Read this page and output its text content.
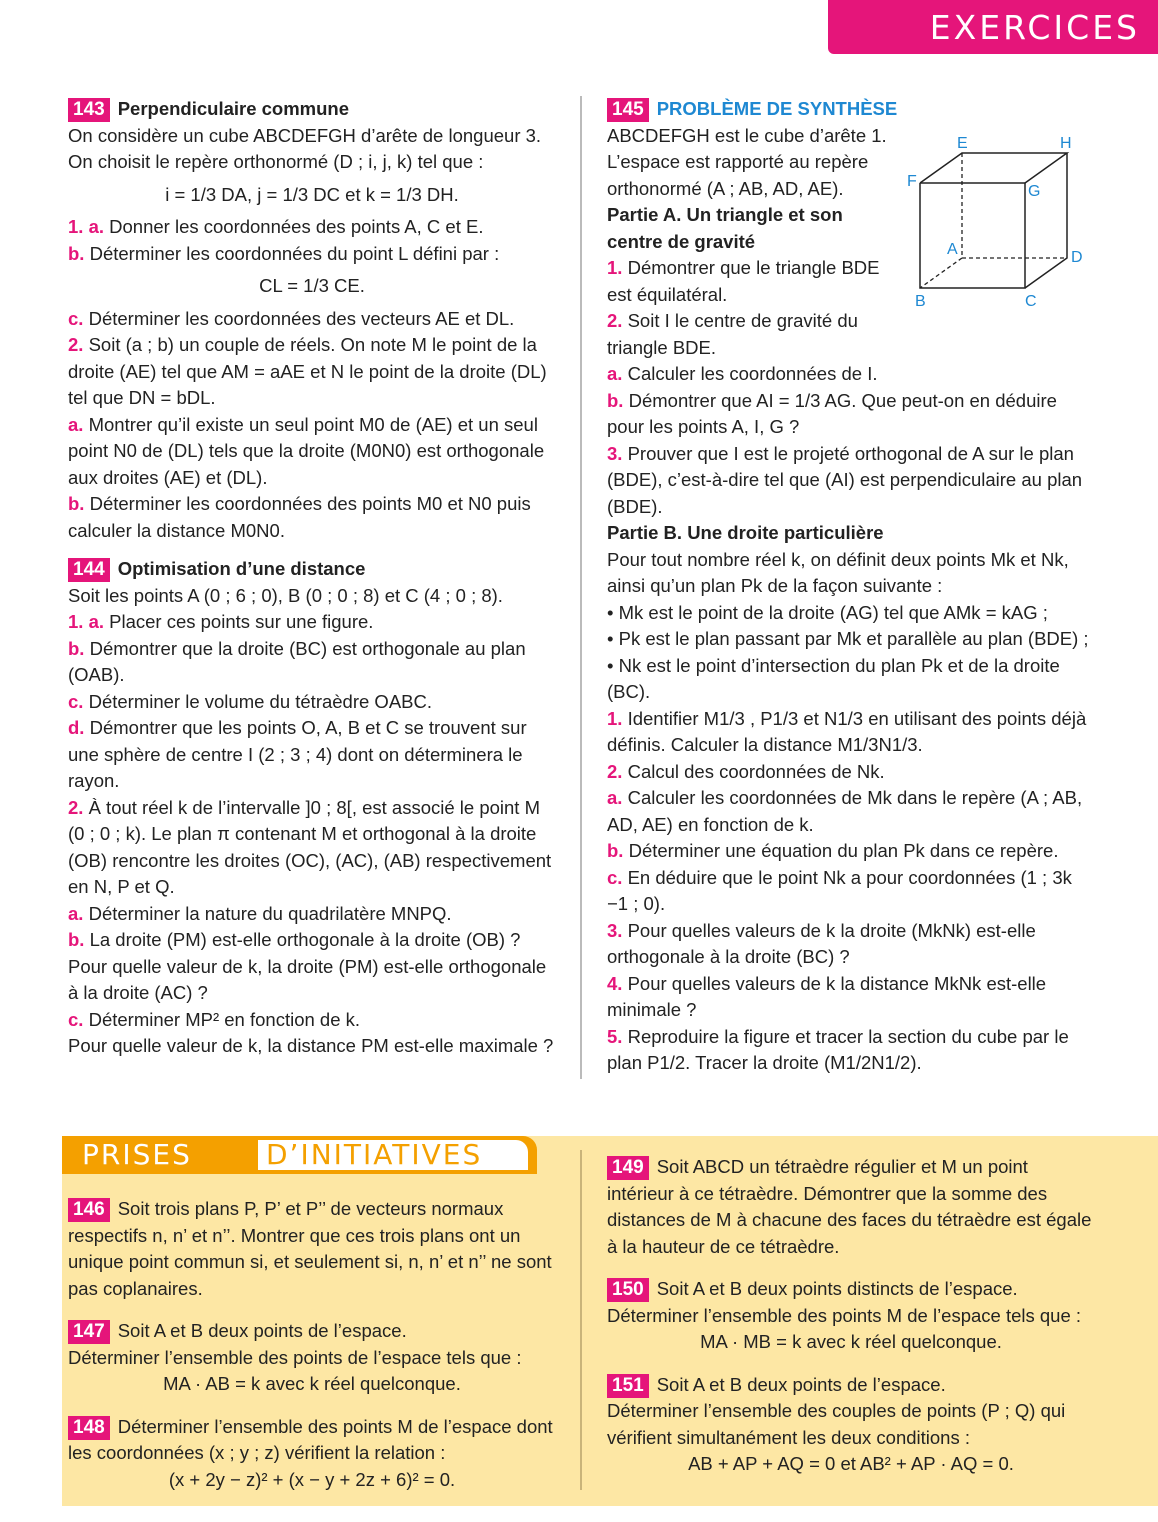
EXERCICES

143 Perpendiculaire commune

On considère un cube ABCDEFGH d’arête de longueur 3.

On choisit le repère orthonormé (D ; i, j, k) tel que :

i = 1/3 DA, j = 1/3 DC et k = 1/3 DH.

1. a. Donner les coordonnées des points A, C et E.

b. Déterminer les coordonnées du point L défini par :

CL = 1/3 CE.

c. Déterminer les coordonnées des vecteurs AE et DL.

2. Soit (a ; b) un couple de réels. On note M le point de la droite (AE) tel que AM = aAE et N le point de la droite (DL) tel que DN = bDL.

a. Montrer qu’il existe un seul point M0 de (AE) et un seul point N0 de (DL) tels que la droite (M0N0) est orthogonale aux droites (AE) et (DL).

b. Déterminer les coordonnées des points M0 et N0 puis calculer la distance M0N0.

144 Optimisation d’une distance

Soit les points A (0 ; 6 ; 0), B (0 ; 0 ; 8) et C (4 ; 0 ; 8).

1. a. Placer ces points sur une figure.

b. Démontrer que la droite (BC) est orthogonale au plan (OAB).

c. Déterminer le volume du tétraèdre OABC.

d. Démontrer que les points O, A, B et C se trouvent sur une sphère de centre I (2 ; 3 ; 4) dont on déterminera le rayon.

2. À tout réel k de l’intervalle ]0 ; 8[, est associé le point M (0 ; 0 ; k). Le plan π contenant M et orthogonal à la droite (OB) rencontre les droites (OC), (AC), (AB) respectivement en N, P et Q.

a. Déterminer la nature du quadrilatère MNPQ.

b. La droite (PM) est-elle orthogonale à la droite (OB) ?

Pour quelle valeur de k, la droite (PM) est-elle orthogonale à la droite (AC) ?

c. Déterminer MP² en fonction de k.

Pour quelle valeur de k, la distance PM est-elle maximale ?

145 PROBLÈME DE SYNTHÈSE

ABCDEFGH est le cube d’arête 1.

L’espace est rapporté au repère orthonormé (A ; AB, AD, AE).

Partie A. Un triangle et son centre de gravité

1. Démontrer que le triangle BDE est équilatéral.

2. Soit I le centre de gravité du triangle BDE.

a. Calculer les coordonnées de I.

b. Démontrer que AI = 1/3 AG. Que peut-on en déduire pour les points A, I, G ?

3. Prouver que I est le projeté orthogonal de A sur le plan (BDE), c’est-à-dire tel que (AI) est perpendiculaire au plan (BDE).

Partie B. Une droite particulière

Pour tout nombre réel k, on définit deux points Mk et Nk, ainsi qu’un plan Pk de la façon suivante :

• Mk est le point de la droite (AG) tel que AMk = kAG ;

• Pk est le plan passant par Mk et parallèle au plan (BDE) ;

• Nk est le point d’intersection du plan Pk et de la droite (BC).

1. Identifier M1/3 , P1/3 et N1/3 en utilisant des points déjà définis. Calculer la distance M1/3N1/3.

2. Calcul des coordonnées de Nk.

a. Calculer les coordonnées de Mk dans le repère (A ; AB, AD, AE) en fonction de k.

b. Déterminer une équation du plan Pk dans ce repère.

c. En déduire que le point Nk a pour coordonnées (1 ; 3k −1 ; 0).

3. Pour quelles valeurs de k la droite (MkNk) est-elle orthogonale à la droite (BC) ?

4. Pour quelles valeurs de k la distance MkNk est-elle minimale ?

5. Reproduire la figure et tracer la section du cube par le plan P1/2. Tracer la droite (M1/2N1/2).

E	H
F
G
A	D
B	C
PRISES	D’INITIATIVES

146 Soit trois plans P, P’ et P’’ de vecteurs normaux respectifs n, n’ et n’’. Montrer que ces trois plans ont un unique point commun si, et seulement si, n, n’ et n’’ ne sont pas coplanaires.

147 Soit A et B deux points de l’espace.

Déterminer l’ensemble des points de l’espace tels que :

MA · AB = k avec k réel quelconque.

148 Déterminer l’ensemble des points M de l’espace dont les coordonnées (x ; y ; z) vérifient la relation :

(x + 2y − z)² + (x − y + 2z + 6)² = 0.

149 Soit ABCD un tétraèdre régulier et M un point intérieur à ce tétraèdre. Démontrer que la somme des distances de M à chacune des faces du tétraèdre est égale à la hauteur de ce tétraèdre.

150 Soit A et B deux points distincts de l’espace.

Déterminer l’ensemble des points M de l’espace tels que :

MA · MB = k avec k réel quelconque.

151 Soit A et B deux points de l’espace.

Déterminer l’ensemble des couples de points (P ; Q) qui vérifient simultanément les deux conditions :

AB + AP + AQ = 0 et AB² + AP · AQ = 0.
